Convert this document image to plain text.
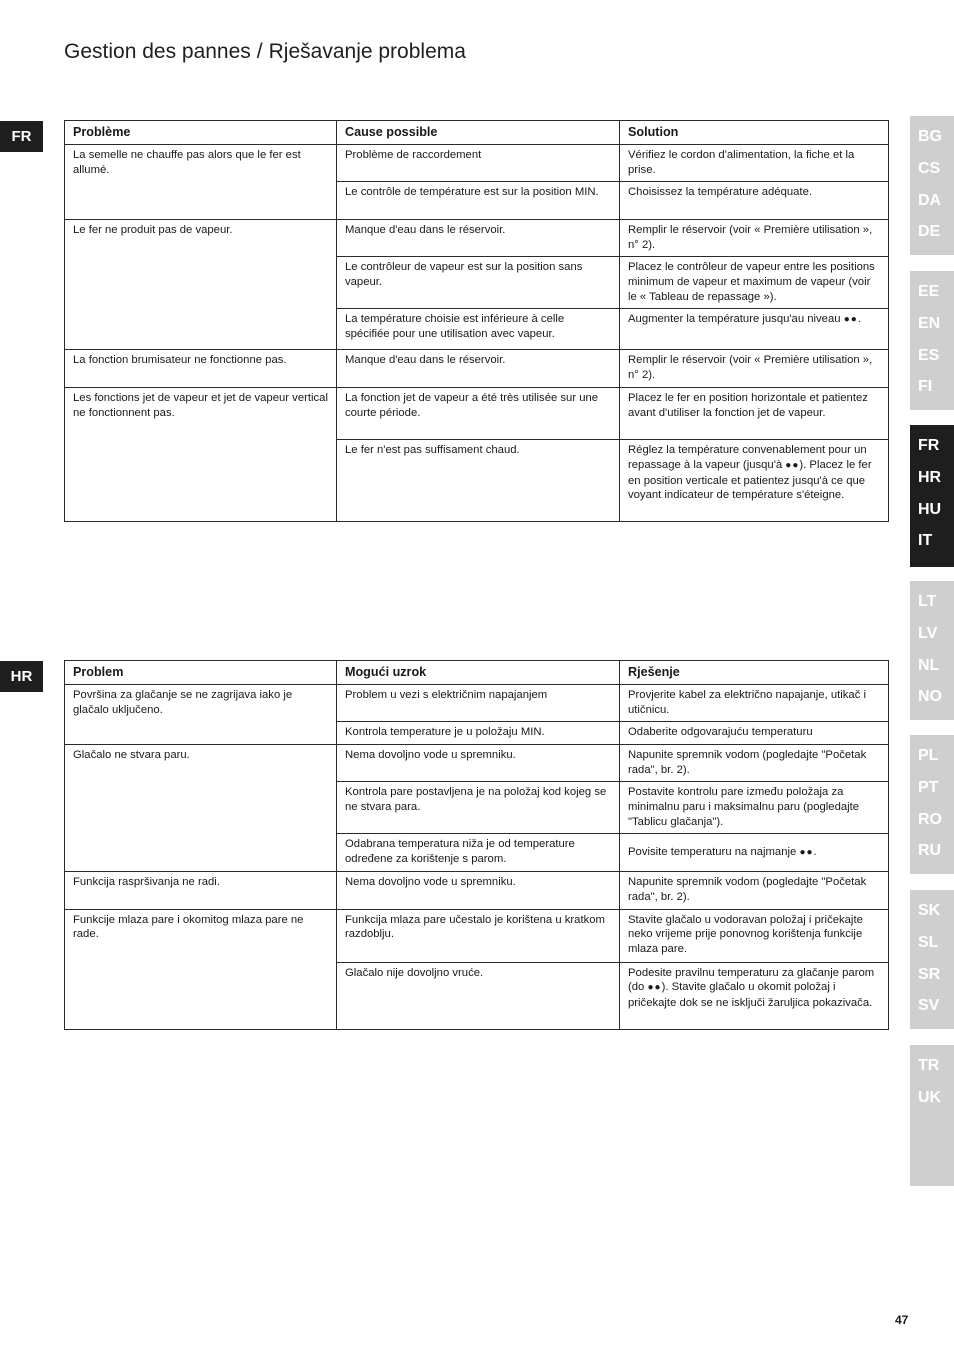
Gestion des pannes / Rješavanje problema
FR
HR
Problème	Cause possible	Solution
La semelle ne chauffe pas alors que le fer est allumé.	Problème de raccordement	Vérifiez le cordon d'alimentation, la fiche et la prise.
	Le contrôle de température est sur la position MIN.	Choisissez la température adéquate.
Le fer ne produit pas de vapeur.	Manque d'eau dans le réservoir.	Remplir le réservoir (voir « Première utilisation », n° 2).
	Le contrôleur de vapeur est sur la position sans vapeur.	Placez le contrôleur de vapeur entre les positions minimum de vapeur et maximum de vapeur (voir le « Tableau de repassage »).
	La température choisie est inférieure à celle spécifiée pour une utilisation avec vapeur.	Augmenter la température jusqu'au niveau ●●.
La fonction brumisateur ne fonctionne pas.	Manque d'eau dans le réservoir.	Remplir le réservoir (voir « Première utilisation », n° 2).
Les fonctions jet de vapeur et jet de vapeur vertical ne fonctionnent pas.	La fonction jet de vapeur a été très utilisée sur une courte période.	Placez le fer en position horizontale et patientez avant d'utiliser la fonction jet de vapeur.
	Le fer n'est pas suffisament chaud.	Réglez la température convenablement pour un repassage à la vapeur (jusqu'à ●●). Placez le fer en position verticale et patientez jusqu'à ce que voyant indicateur de température s'éteigne.
Problem	Mogući uzrok	Rješenje
Površina za glačanje se ne zagrijava iako je glačalo uključeno.	Problem u vezi s električnim napajanjem	Provjerite kabel za električno napajanje, utikač i utičnicu.
	Kontrola temperature je u položaju MIN.	Odaberite odgovarajuću temperaturu
Glačalo ne stvara paru.	Nema dovoljno vode u spremniku.	Napunite spremnik vodom (pogledajte "Početak rada", br. 2).
	Kontrola pare postavljena je na položaj kod kojeg se ne stvara para.	Postavite kontrolu pare između položaja za minimalnu paru i maksimalnu paru (pogledajte "Tablicu glačanja").
	Odabrana temperatura niža je od temperature određene za korištenje s parom.	Povisite temperaturu na najmanje ●●.
Funkcija raspršivanja ne radi.	Nema dovoljno vode u spremniku.	Napunite spremnik vodom (pogledajte "Početak rada", br. 2).
Funkcije mlaza pare i okomitog mlaza pare ne rade.	Funkcija mlaza pare učestalo je korištena u kratkom razdoblju.	Stavite glačalo u vodoravan položaj i pričekajte neko vrijeme prije ponovnog korištenja funkcije mlaza pare.
	Glačalo nije dovoljno vruće.	Podesite pravilnu temperaturu za glačanje parom (do ●●). Stavite glačalo u okomit položaj i pričekajte dok se ne isključi žaruljica pokazivača.
BG
CS
DA
DE
EE
EN
ES
FI
FR
HR
HU
IT
LT
LV
NL
NO
PL
PT
RO
RU
SK
SL
SR
SV
TR
UK
47
